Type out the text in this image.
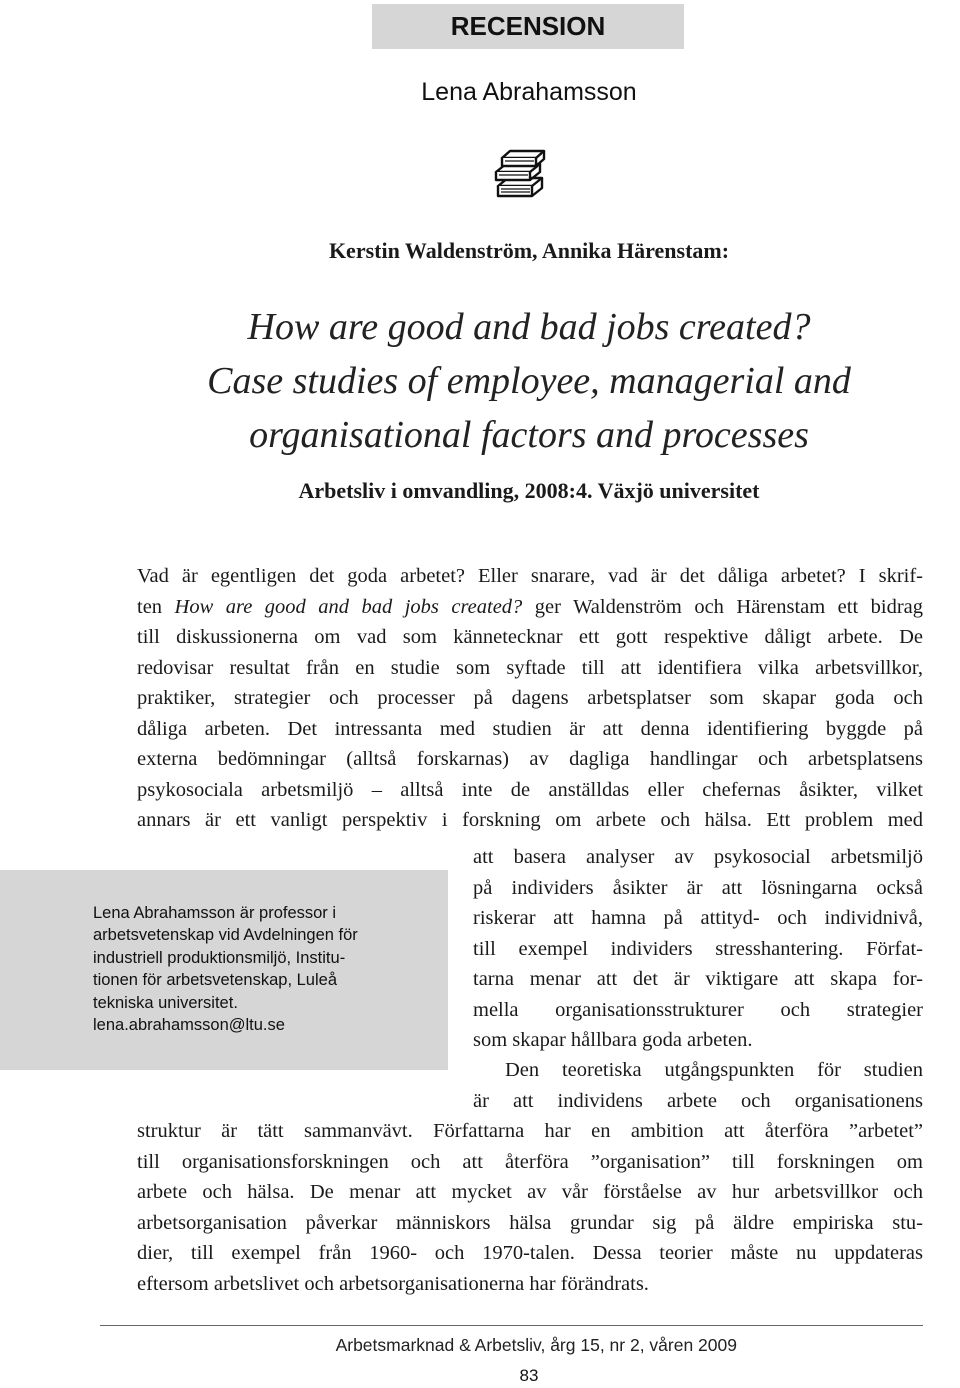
RECENSION
Lena Abrahamsson
Kerstin Waldenström, Annika Härenstam:
How are good and bad jobs created?
Case studies of employee, managerial and
organisational factors and processes
Arbetsliv i omvandling, 2008:4. Växjö universitet
Vad är egentligen det goda arbetet? Eller snarare, vad är det dåliga arbetet? I skrif-
ten How are good and bad jobs created? ger Waldenström och Härenstam ett bidrag
till diskussionerna om vad som kännetecknar ett gott respektive dåligt arbete. De
redovisar resultat från en studie som syftade till att identifiera vilka arbetsvillkor,
praktiker, strategier och processer på dagens arbetsplatser som skapar goda och
dåliga arbeten. Det intressanta med studien är att denna identifiering byggde på
externa bedömningar (alltså forskarnas) av dagliga handlingar och arbetsplatsens
psykosociala arbetsmiljö – alltså inte de anställdas eller chefernas åsikter, vilket
annars är ett vanligt perspektiv i forskning om arbete och hälsa. Ett problem med
Lena Abrahamsson är professor i
arbetsvetenskap vid Avdelningen för
industriell produktionsmiljö, Institu-
tionen för arbetsvetenskap, Luleå
tekniska universitet.
lena.abrahamsson@ltu.se
att basera analyser av psykosocial arbetsmiljö
på individers åsikter är att lösningarna också
riskerar att hamna på attityd- och individnivå,
till exempel individers stresshantering. Förfat-
tarna menar att det är viktigare att skapa for-
mella organisationsstrukturer och strategier
som skapar hållbara goda arbeten.
Den teoretiska utgångspunkten för studien
är att individens arbete och organisationens
struktur är tätt sammanvävt. Författarna har en ambition att återföra ”arbetet”
till organisationsforskningen och att återföra ”organisation” till forskningen om
arbete och hälsa. De menar att mycket av vår förståelse av hur arbetsvillkor och
arbetsorganisation påverkar människors hälsa grundar sig på äldre empiriska stu-
dier, till exempel från 1960- och 1970-talen. Dessa teorier måste nu uppdateras
eftersom arbetslivet och arbetsorganisationerna har förändrats.
Arbetsmarknad & Arbetsliv, årg 15, nr 2, våren 2009
83
